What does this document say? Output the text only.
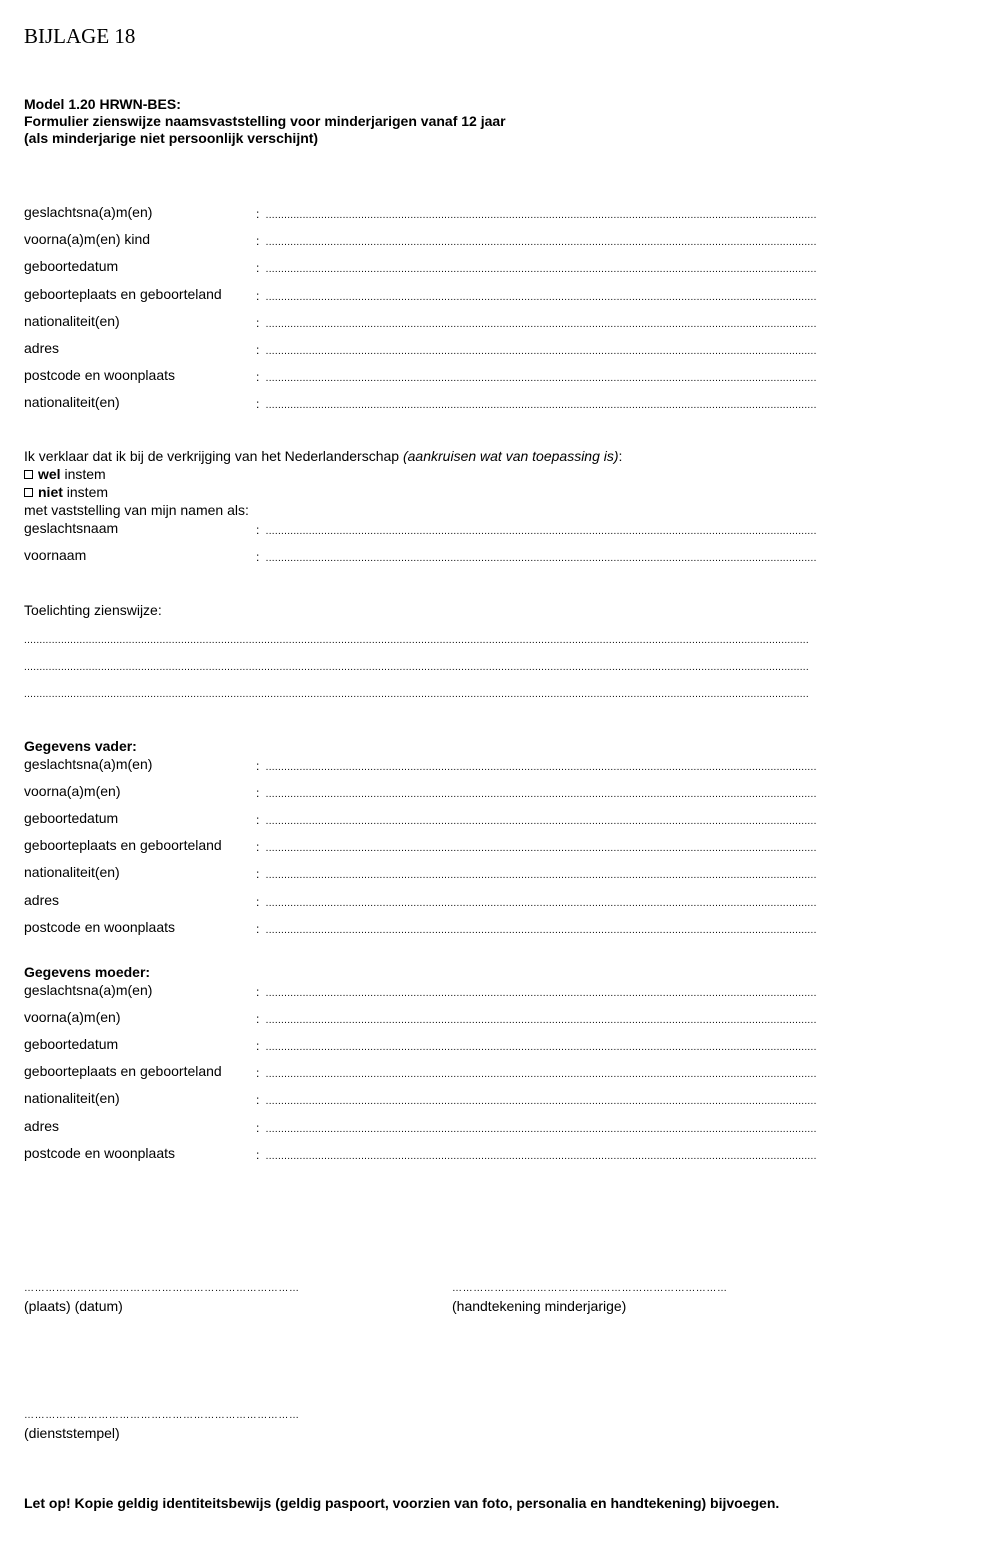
BIJLAGE 18
Model 1.20 HRWN-BES:
Formulier zienswijze naamsvaststelling voor minderjarigen vanaf 12 jaar
(als minderjarige niet persoonlijk verschijnt)
geslachtsna(a)m(en)	: ...................................................................................................................................................................................
voorna(a)m(en) kind	: ...................................................................................................................................................................................
geboortedatum	: ...................................................................................................................................................................................
geboorteplaats en geboorteland	: ...................................................................................................................................................................................
nationaliteit(en)	: ...................................................................................................................................................................................
adres	: ...................................................................................................................................................................................
postcode en woonplaats	: ...................................................................................................................................................................................
nationaliteit(en)	: ...................................................................................................................................................................................
Ik verklaar dat ik bij de verkrijging van het Nederlanderschap (aankruisen wat van toepassing is):
wel instem
niet instem
met vaststelling van mijn namen als:
geslachtsnaam	: ...................................................................................................................................................................................
voornaam	: ...................................................................................................................................................................................
Toelichting zienswijze:
...............................................................................................................................................................................................................................................................
...............................................................................................................................................................................................................................................................
...............................................................................................................................................................................................................................................................
Gegevens vader:
geslachtsna(a)m(en)	: ...................................................................................................................................................................................
voorna(a)m(en)	: ...................................................................................................................................................................................
geboortedatum	: ...................................................................................................................................................................................
geboorteplaats en geboorteland	: ...................................................................................................................................................................................
nationaliteit(en)	: ...................................................................................................................................................................................
adres	: ...................................................................................................................................................................................
postcode en woonplaats	: ...................................................................................................................................................................................
Gegevens moeder:
geslachtsna(a)m(en)	: ...................................................................................................................................................................................
voorna(a)m(en)	: ...................................................................................................................................................................................
geboortedatum	: ...................................................................................................................................................................................
geboorteplaats en geboorteland	: ...................................................................................................................................................................................
nationaliteit(en)	: ...................................................................................................................................................................................
adres	: ...................................................................................................................................................................................
postcode en woonplaats	: ...................................................................................................................................................................................
……………………………………………………………………
(plaats) (datum)
……………………………………………………………………
(handtekening minderjarige)
……………………………………………………………………
(dienststempel)
Let op! Kopie geldig identiteitsbewijs (geldig paspoort, voorzien van foto, personalia en handtekening) bijvoegen.
